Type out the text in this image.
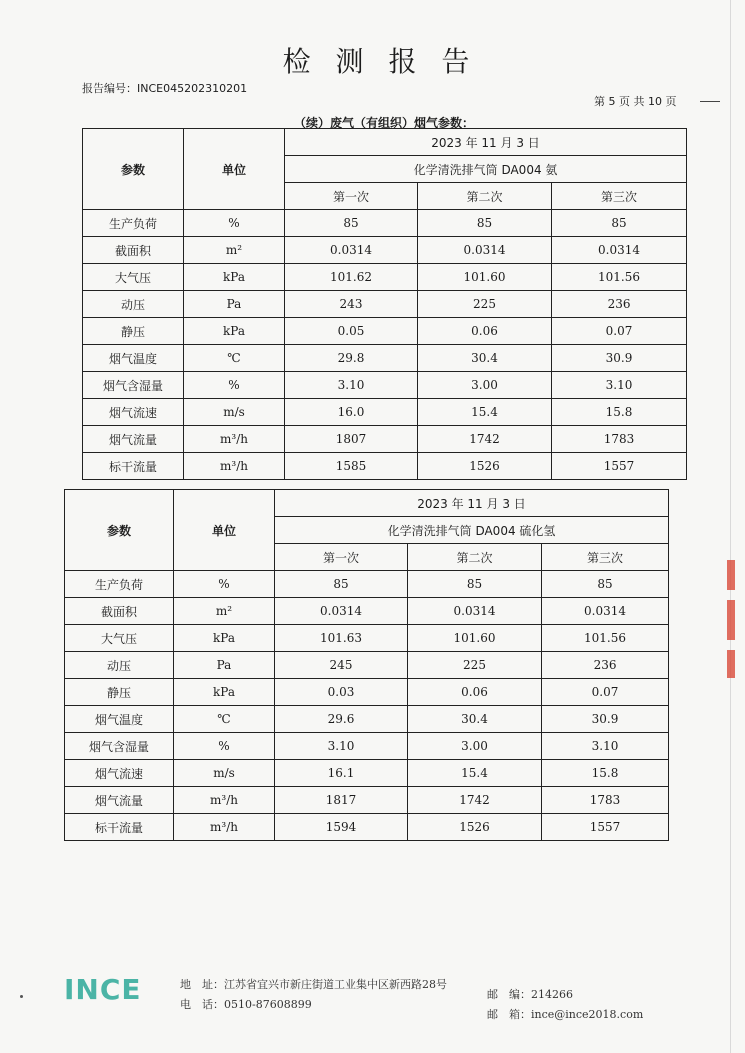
检 测 报 告
报告编号：INCE045202310201
第 5 页 共 10 页
（续）废气（有组织）烟气参数：
参数	单位	2023 年 11 月 3 日		
		化学清洗排气筒 DA004 氨		
		第一次	第二次	第三次
生产负荷	%	85	85	85
截面积	m²	0.0314	0.0314	0.0314
大气压	kPa	101.62	101.60	101.56
动压	Pa	243	225	236
静压	kPa	0.05	0.06	0.07
烟气温度	℃	29.8	30.4	30.9
烟气含湿量	%	3.10	3.00	3.10
烟气流速	m/s	16.0	15.4	15.8
烟气流量	m³/h	1807	1742	1783
标干流量	m³/h	1585	1526	1557
参数	单位	2023 年 11 月 3 日		
		化学清洗排气筒 DA004 硫化氢		
		第一次	第二次	第三次
生产负荷	%	85	85	85
截面积	m²	0.0314	0.0314	0.0314
大气压	kPa	101.63	101.60	101.56
动压	Pa	245	225	236
静压	kPa	0.03	0.06	0.07
烟气温度	℃	29.6	30.4	30.9
烟气含湿量	%	3.10	3.00	3.10
烟气流速	m/s	16.1	15.4	15.8
烟气流量	m³/h	1817	1742	1783
标干流量	m³/h	1594	1526	1557
INCE	地　址：江苏省宜兴市新庄街道工业集中区新西路28号
电　话：0510-87608899
邮　编：214266
邮　箱：ince@ince2018.com
